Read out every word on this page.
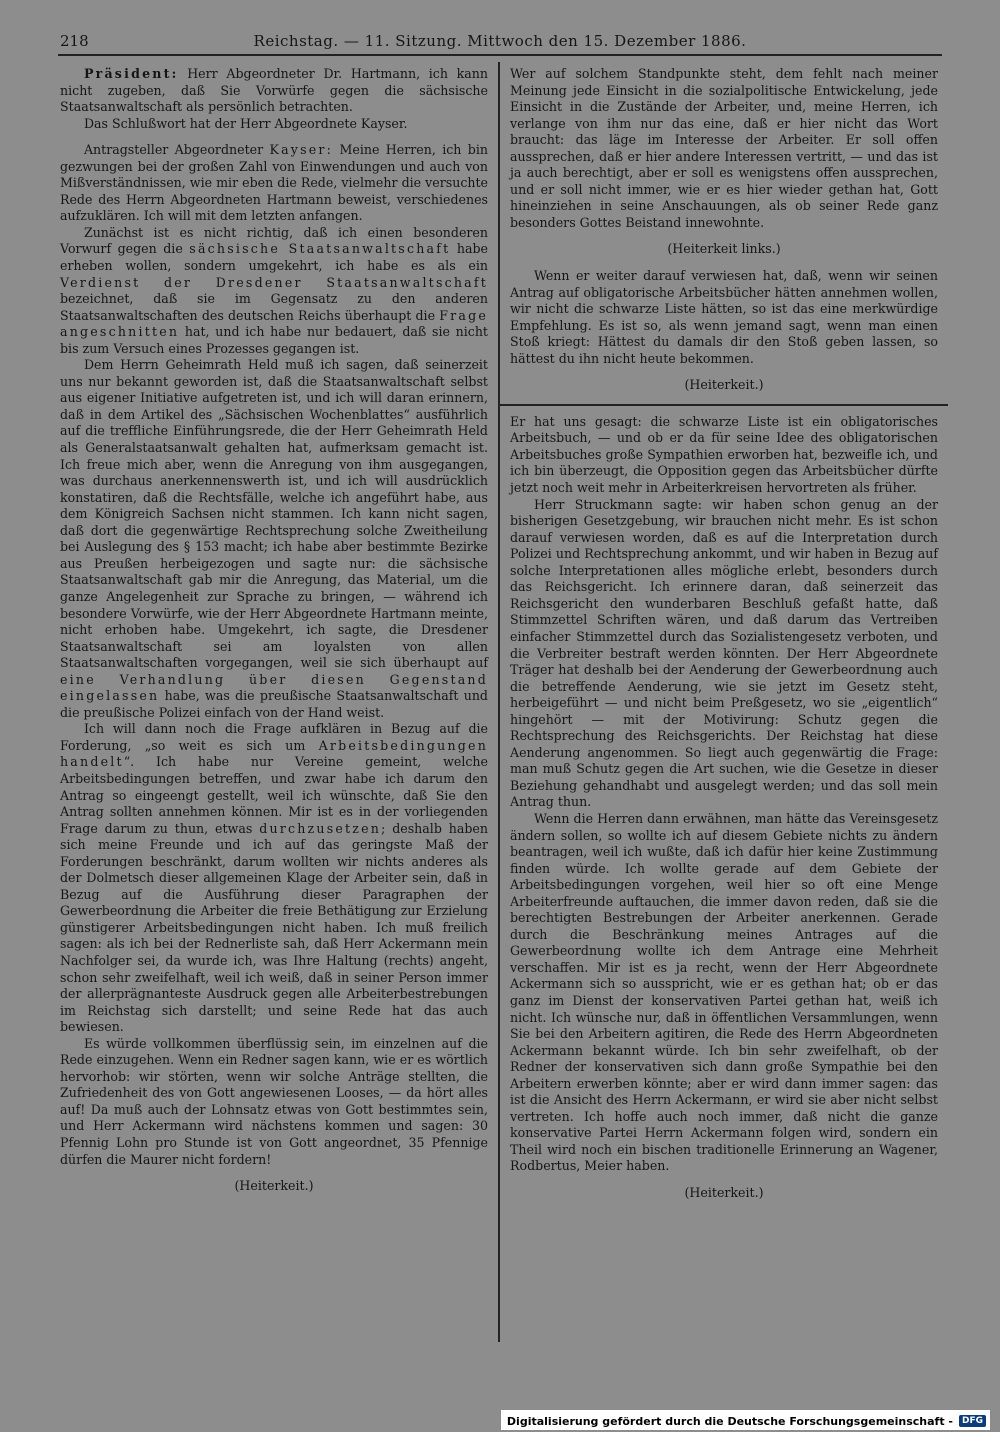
218	Reichstag. — 11. Sitzung. Mittwoch den 15. Dezember 1886.

Präsident: Herr Abgeordneter Dr. Hartmann, ich kann nicht zugeben, daß Sie Vorwürfe gegen die sächsische Staatsanwaltschaft als persönlich betrachten.

Das Schlußwort hat der Herr Abgeordnete Kayser.

Antragsteller Abgeordneter Kayser: Meine Herren, ich bin gezwungen bei der großen Zahl von Einwendungen und auch von Mißverständnissen, wie mir eben die Rede, vielmehr die versuchte Rede des Herrn Abgeordneten Hartmann beweist, verschiedenes aufzuklären. Ich will mit dem letzten anfangen.

Zunächst ist es nicht richtig, daß ich einen besonderen Vorwurf gegen die sächsische Staatsanwaltschaft habe erheben wollen, sondern umgekehrt, ich habe es als ein Verdienst der Dresdener Staatsanwaltschaft bezeichnet, daß sie im Gegensatz zu den anderen Staatsanwaltschaften des deutschen Reichs überhaupt die Frage angeschnitten hat, und ich habe nur bedauert, daß sie nicht bis zum Versuch eines Prozesses gegangen ist.

Dem Herrn Geheimrath Held muß ich sagen, daß seinerzeit uns nur bekannt geworden ist, daß die Staatsanwaltschaft selbst aus eigener Initiative aufgetreten ist, und ich will daran erinnern, daß in dem Artikel des „Sächsischen Wochenblattes“ ausführlich auf die treffliche Einführungsrede, die der Herr Geheimrath Held als Generalstaatsanwalt gehalten hat, aufmerksam gemacht ist. Ich freue mich aber, wenn die Anregung von ihm ausgegangen, was durchaus anerkennenswerth ist, und ich will ausdrücklich konstatiren, daß die Rechtsfälle, welche ich angeführt habe, aus dem Königreich Sachsen nicht stammen. Ich kann nicht sagen, daß dort die gegenwärtige Rechtsprechung solche Zweitheilung bei Auslegung des § 153 macht; ich habe aber bestimmte Bezirke aus Preußen herbeigezogen und sagte nur: die sächsische Staatsanwaltschaft gab mir die Anregung, das Material, um die ganze Angelegenheit zur Sprache zu bringen, — während ich besondere Vorwürfe, wie der Herr Abgeordnete Hartmann meinte, nicht erhoben habe. Umgekehrt, ich sagte, die Dresdener Staatsanwaltschaft sei am loyalsten von allen Staatsanwaltschaften vorgegangen, weil sie sich überhaupt auf eine Verhandlung über diesen Gegenstand eingelassen habe, was die preußische Staatsanwaltschaft und die preußische Polizei einfach von der Hand weist.

Ich will dann noch die Frage aufklären in Bezug auf die Forderung, „so weit es sich um Arbeitsbedingungen handelt“. Ich habe nur Vereine gemeint, welche Arbeitsbedingungen betreffen, und zwar habe ich darum den Antrag so eingeengt gestellt, weil ich wünschte, daß Sie den Antrag sollten annehmen können. Mir ist es in der vorliegenden Frage darum zu thun, etwas durchzusetzen; deshalb haben sich meine Freunde und ich auf das geringste Maß der Forderungen beschränkt, darum wollten wir nichts anderes als der Dolmetsch dieser allgemeinen Klage der Arbeiter sein, daß in Bezug auf die Ausführung dieser Paragraphen der Gewerbeordnung die Arbeiter die freie Bethätigung zur Erzielung günstigerer Arbeitsbedingungen nicht haben. Ich muß freilich sagen: als ich bei der Rednerliste sah, daß Herr Ackermann mein Nachfolger sei, da wurde ich, was Ihre Haltung (rechts) angeht, schon sehr zweifelhaft, weil ich weiß, daß in seiner Person immer der allerprägnanteste Ausdruck gegen alle Arbeiterbestrebungen im Reichstag sich darstellt; und seine Rede hat das auch bewiesen.

Es würde vollkommen überflüssig sein, im einzelnen auf die Rede einzugehen. Wenn ein Redner sagen kann, wie er es wörtlich hervorhob: wir störten, wenn wir solche Anträge stellten, die Zufriedenheit des von Gott angewiesenen Looses, — da hört alles auf! Da muß auch der Lohnsatz etwas von Gott bestimmtes sein, und Herr Ackermann wird nächstens kommen und sagen: 30 Pfennig Lohn pro Stunde ist von Gott angeordnet, 35 Pfennige dürfen die Maurer nicht fordern!

(Heiterkeit.)

Wer auf solchem Standpunkte steht, dem fehlt nach meiner Meinung jede Einsicht in die sozialpolitische Entwickelung, jede Einsicht in die Zustände der Arbeiter, und, meine Herren, ich verlange von ihm nur das eine, daß er hier nicht das Wort braucht: das läge im Interesse der Arbeiter. Er soll offen aussprechen, daß er hier andere Interessen vertritt, — und das ist ja auch berechtigt, aber er soll es wenigstens offen aussprechen, und er soll nicht immer, wie er es hier wieder gethan hat, Gott hineinziehen in seine Anschauungen, als ob seiner Rede ganz besonders Gottes Beistand innewohnte.

(Heiterkeit links.)

Wenn er weiter darauf verwiesen hat, daß, wenn wir seinen Antrag auf obligatorische Arbeitsbücher hätten annehmen wollen, wir nicht die schwarze Liste hätten, so ist das eine merkwürdige Empfehlung. Es ist so, als wenn jemand sagt, wenn man einen Stoß kriegt: Hättest du damals dir den Stoß geben lassen, so hättest du ihn nicht heute bekommen.

(Heiterkeit.)

Er hat uns gesagt: die schwarze Liste ist ein obligatorisches Arbeitsbuch, — und ob er da für seine Idee des obligatorischen Arbeitsbuches große Sympathien erworben hat, bezweifle ich, und ich bin überzeugt, die Opposition gegen das Arbeitsbücher dürfte jetzt noch weit mehr in Arbeiterkreisen hervortreten als früher.

Herr Struckmann sagte: wir haben schon genug an der bisherigen Gesetzgebung, wir brauchen nicht mehr. Es ist schon darauf verwiesen worden, daß es auf die Interpretation durch Polizei und Rechtsprechung ankommt, und wir haben in Bezug auf solche Interpretationen alles mögliche erlebt, besonders durch das Reichsgericht. Ich erinnere daran, daß seinerzeit das Reichsgericht den wunderbaren Beschluß gefaßt hatte, daß Stimmzettel Schriften wären, und daß darum das Vertreiben einfacher Stimmzettel durch das Sozialistengesetz verboten, und die Verbreiter bestraft werden könnten. Der Herr Abgeordnete Träger hat deshalb bei der Aenderung der Gewerbeordnung auch die betreffende Aenderung, wie sie jetzt im Gesetz steht, herbeigeführt — und nicht beim Preßgesetz, wo sie „eigentlich“ hingehört — mit der Motivirung: Schutz gegen die Rechtsprechung des Reichsgerichts. Der Reichstag hat diese Aenderung angenommen. So liegt auch gegenwärtig die Frage: man muß Schutz gegen die Art suchen, wie die Gesetze in dieser Beziehung gehandhabt und ausgelegt werden; und das soll mein Antrag thun.

Wenn die Herren dann erwähnen, man hätte das Vereinsgesetz ändern sollen, so wollte ich auf diesem Gebiete nichts zu ändern beantragen, weil ich wußte, daß ich dafür hier keine Zustimmung finden würde. Ich wollte gerade auf dem Gebiete der Arbeitsbedingungen vorgehen, weil hier so oft eine Menge Arbeiterfreunde auftauchen, die immer davon reden, daß sie die berechtigten Bestrebungen der Arbeiter anerkennen. Gerade durch die Beschränkung meines Antrages auf die Gewerbeordnung wollte ich dem Antrage eine Mehrheit verschaffen. Mir ist es ja recht, wenn der Herr Abgeordnete Ackermann sich so ausspricht, wie er es gethan hat; ob er das ganz im Dienst der konservativen Partei gethan hat, weiß ich nicht. Ich wünsche nur, daß in öffentlichen Versammlungen, wenn Sie bei den Arbeitern agitiren, die Rede des Herrn Abgeordneten Ackermann bekannt würde. Ich bin sehr zweifelhaft, ob der Redner der konservativen sich dann große Sympathie bei den Arbeitern erwerben könnte; aber er wird dann immer sagen: das ist die Ansicht des Herrn Ackermann, er wird sie aber nicht selbst vertreten. Ich hoffe auch noch immer, daß nicht die ganze konservative Partei Herrn Ackermann folgen wird, sondern ein Theil wird noch ein bischen traditionelle Erinnerung an Wagener, Rodbertus, Meier haben.

(Heiterkeit.)

Digitalisierung gefördert durch die Deutsche Forschungsgemeinschaft -	DFG
